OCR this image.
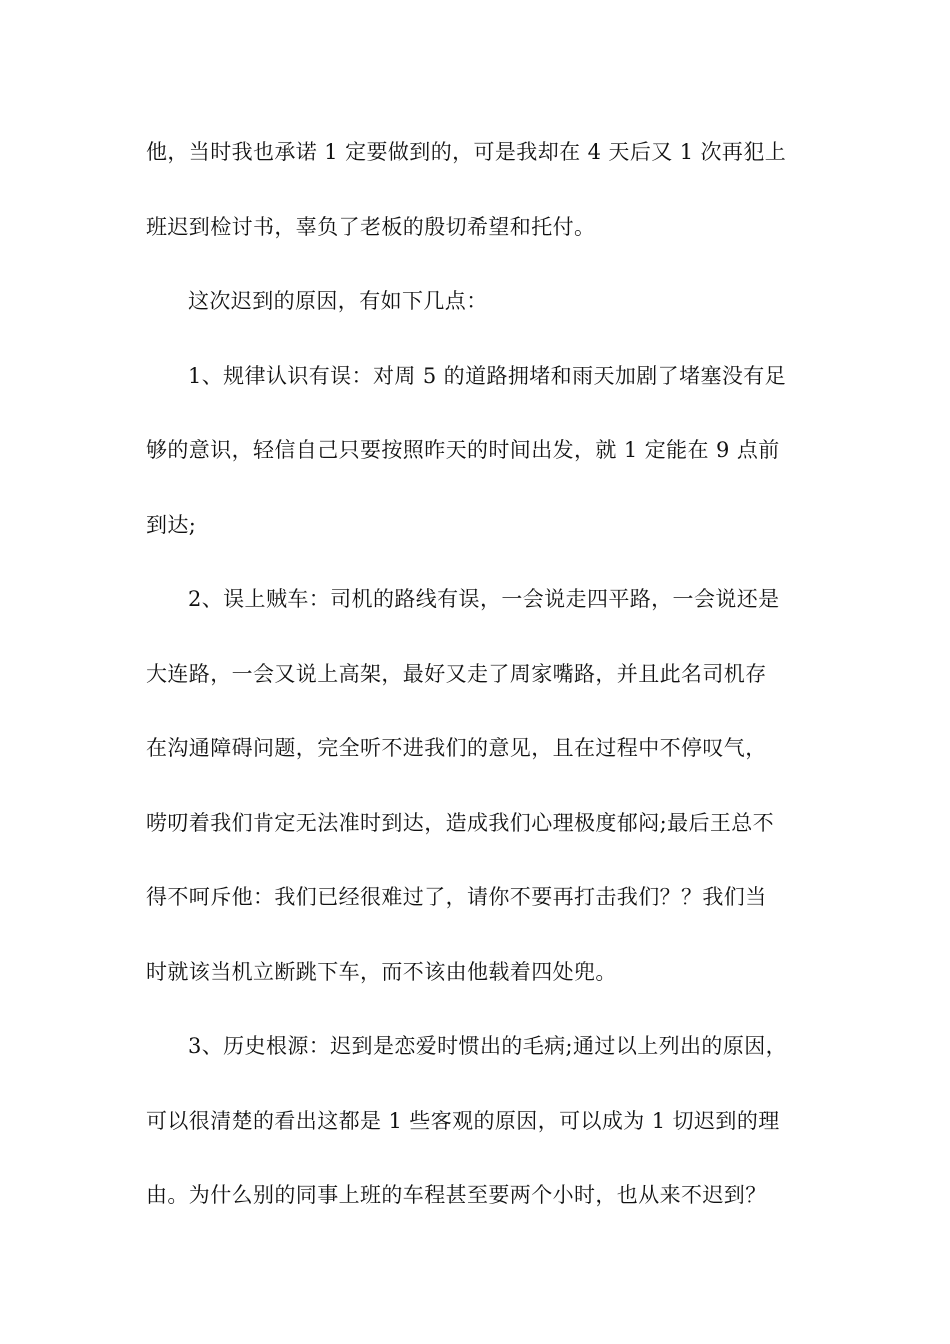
他，当时我也承诺 1 定要做到的，可是我却在 4 天后又 1 次再犯上
班迟到检讨书，辜负了老板的殷切希望和托付。
这次迟到的原因，有如下几点：
1、规律认识有误：对周 5 的道路拥堵和雨天加剧了堵塞没有足
够的意识，轻信自己只要按照昨天的时间出发，就 1 定能在 9 点前
到达;
2、误上贼车：司机的路线有误，一会说走四平路，一会说还是
大连路，一会又说上高架，最好又走了周家嘴路，并且此名司机存
在沟通障碍问题，完全听不进我们的意见，且在过程中不停叹气，
唠叨着我们肯定无法准时到达，造成我们心理极度郁闷;最后王总不
得不呵斥他：我们已经很难过了，请你不要再打击我们？？我们当
时就该当机立断跳下车，而不该由他载着四处兜。
3、历史根源：迟到是恋爱时惯出的毛病;通过以上列出的原因，
可以很清楚的看出这都是 1 些客观的原因，可以成为 1 切迟到的理
由。为什么别的同事上班的车程甚至要两个小时，也从来不迟到？
